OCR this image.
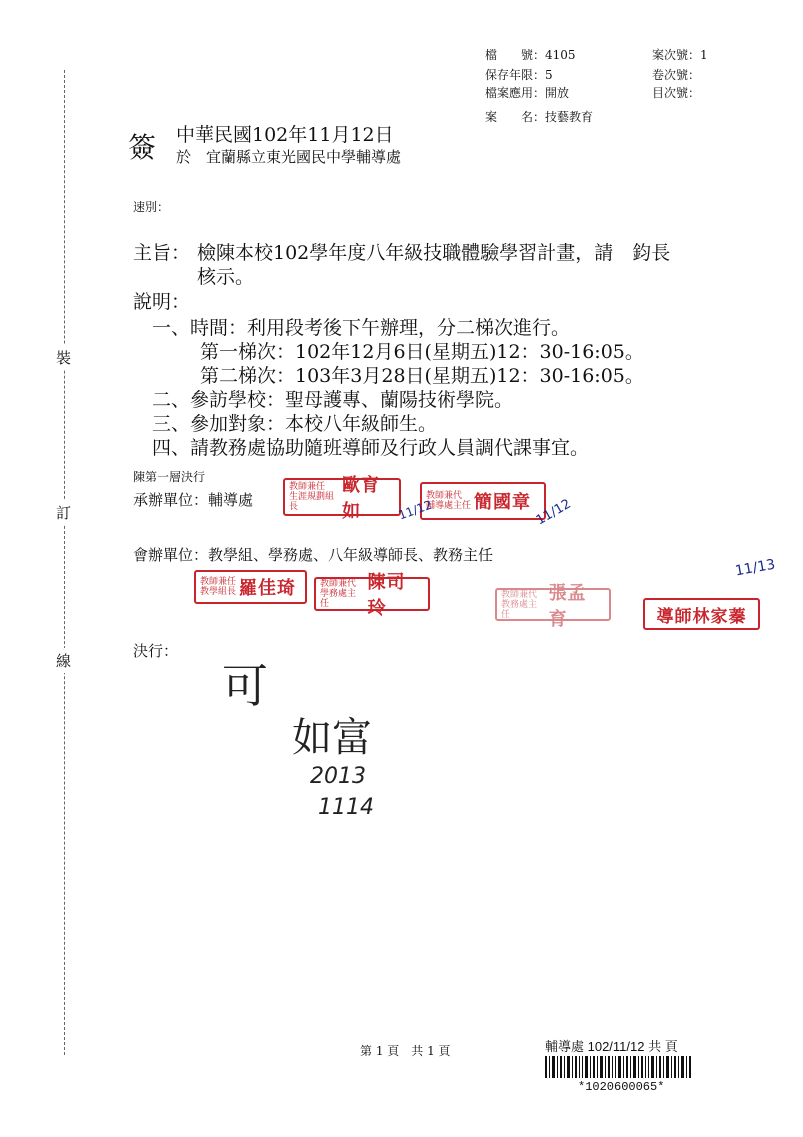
裝
訂
線
檔　　號：4105
保存年限：5
檔案應用：開放
案　　名：技藝教育
案次號：1
卷次號：
目次號：
簽 中華民國102年11月12日
於　宜蘭縣立東光國民中學輔導處
速別：
主旨： 檢陳本校102學年度八年級技職體驗學習計畫，請　鈞長
核示。
說明：
一、時間：利用段考後下午辦理，分二梯次進行。
第一梯次：102年12月6日(星期五)12：30-16:05。
第二梯次：103年3月28日(星期五)12：30-16:05。
二、參訪學校：聖母護專、蘭陽技術學院。
三、參加對象：本校八年級師生。
四、請教務處協助隨班導師及行政人員調代課事宜。
陳第一層決行
承辦單位：輔導處
會辦單位：教學組、學務處、八年級導師長、教務主任
決行：
教師兼任
生涯規劃組長
歐育如
教師兼代
輔導處主任 簡國章
教師兼任
教學組長 羅佳琦	教師兼代
學務處主任
陳司玲
教師兼代
教務處主任
張孟育	導師林家蓁
11/12	11/12
11/13
可
如富
2013
1114
第 1 頁　共 1 頁	輔導處 102/11/12 共 頁
*1020600065*
